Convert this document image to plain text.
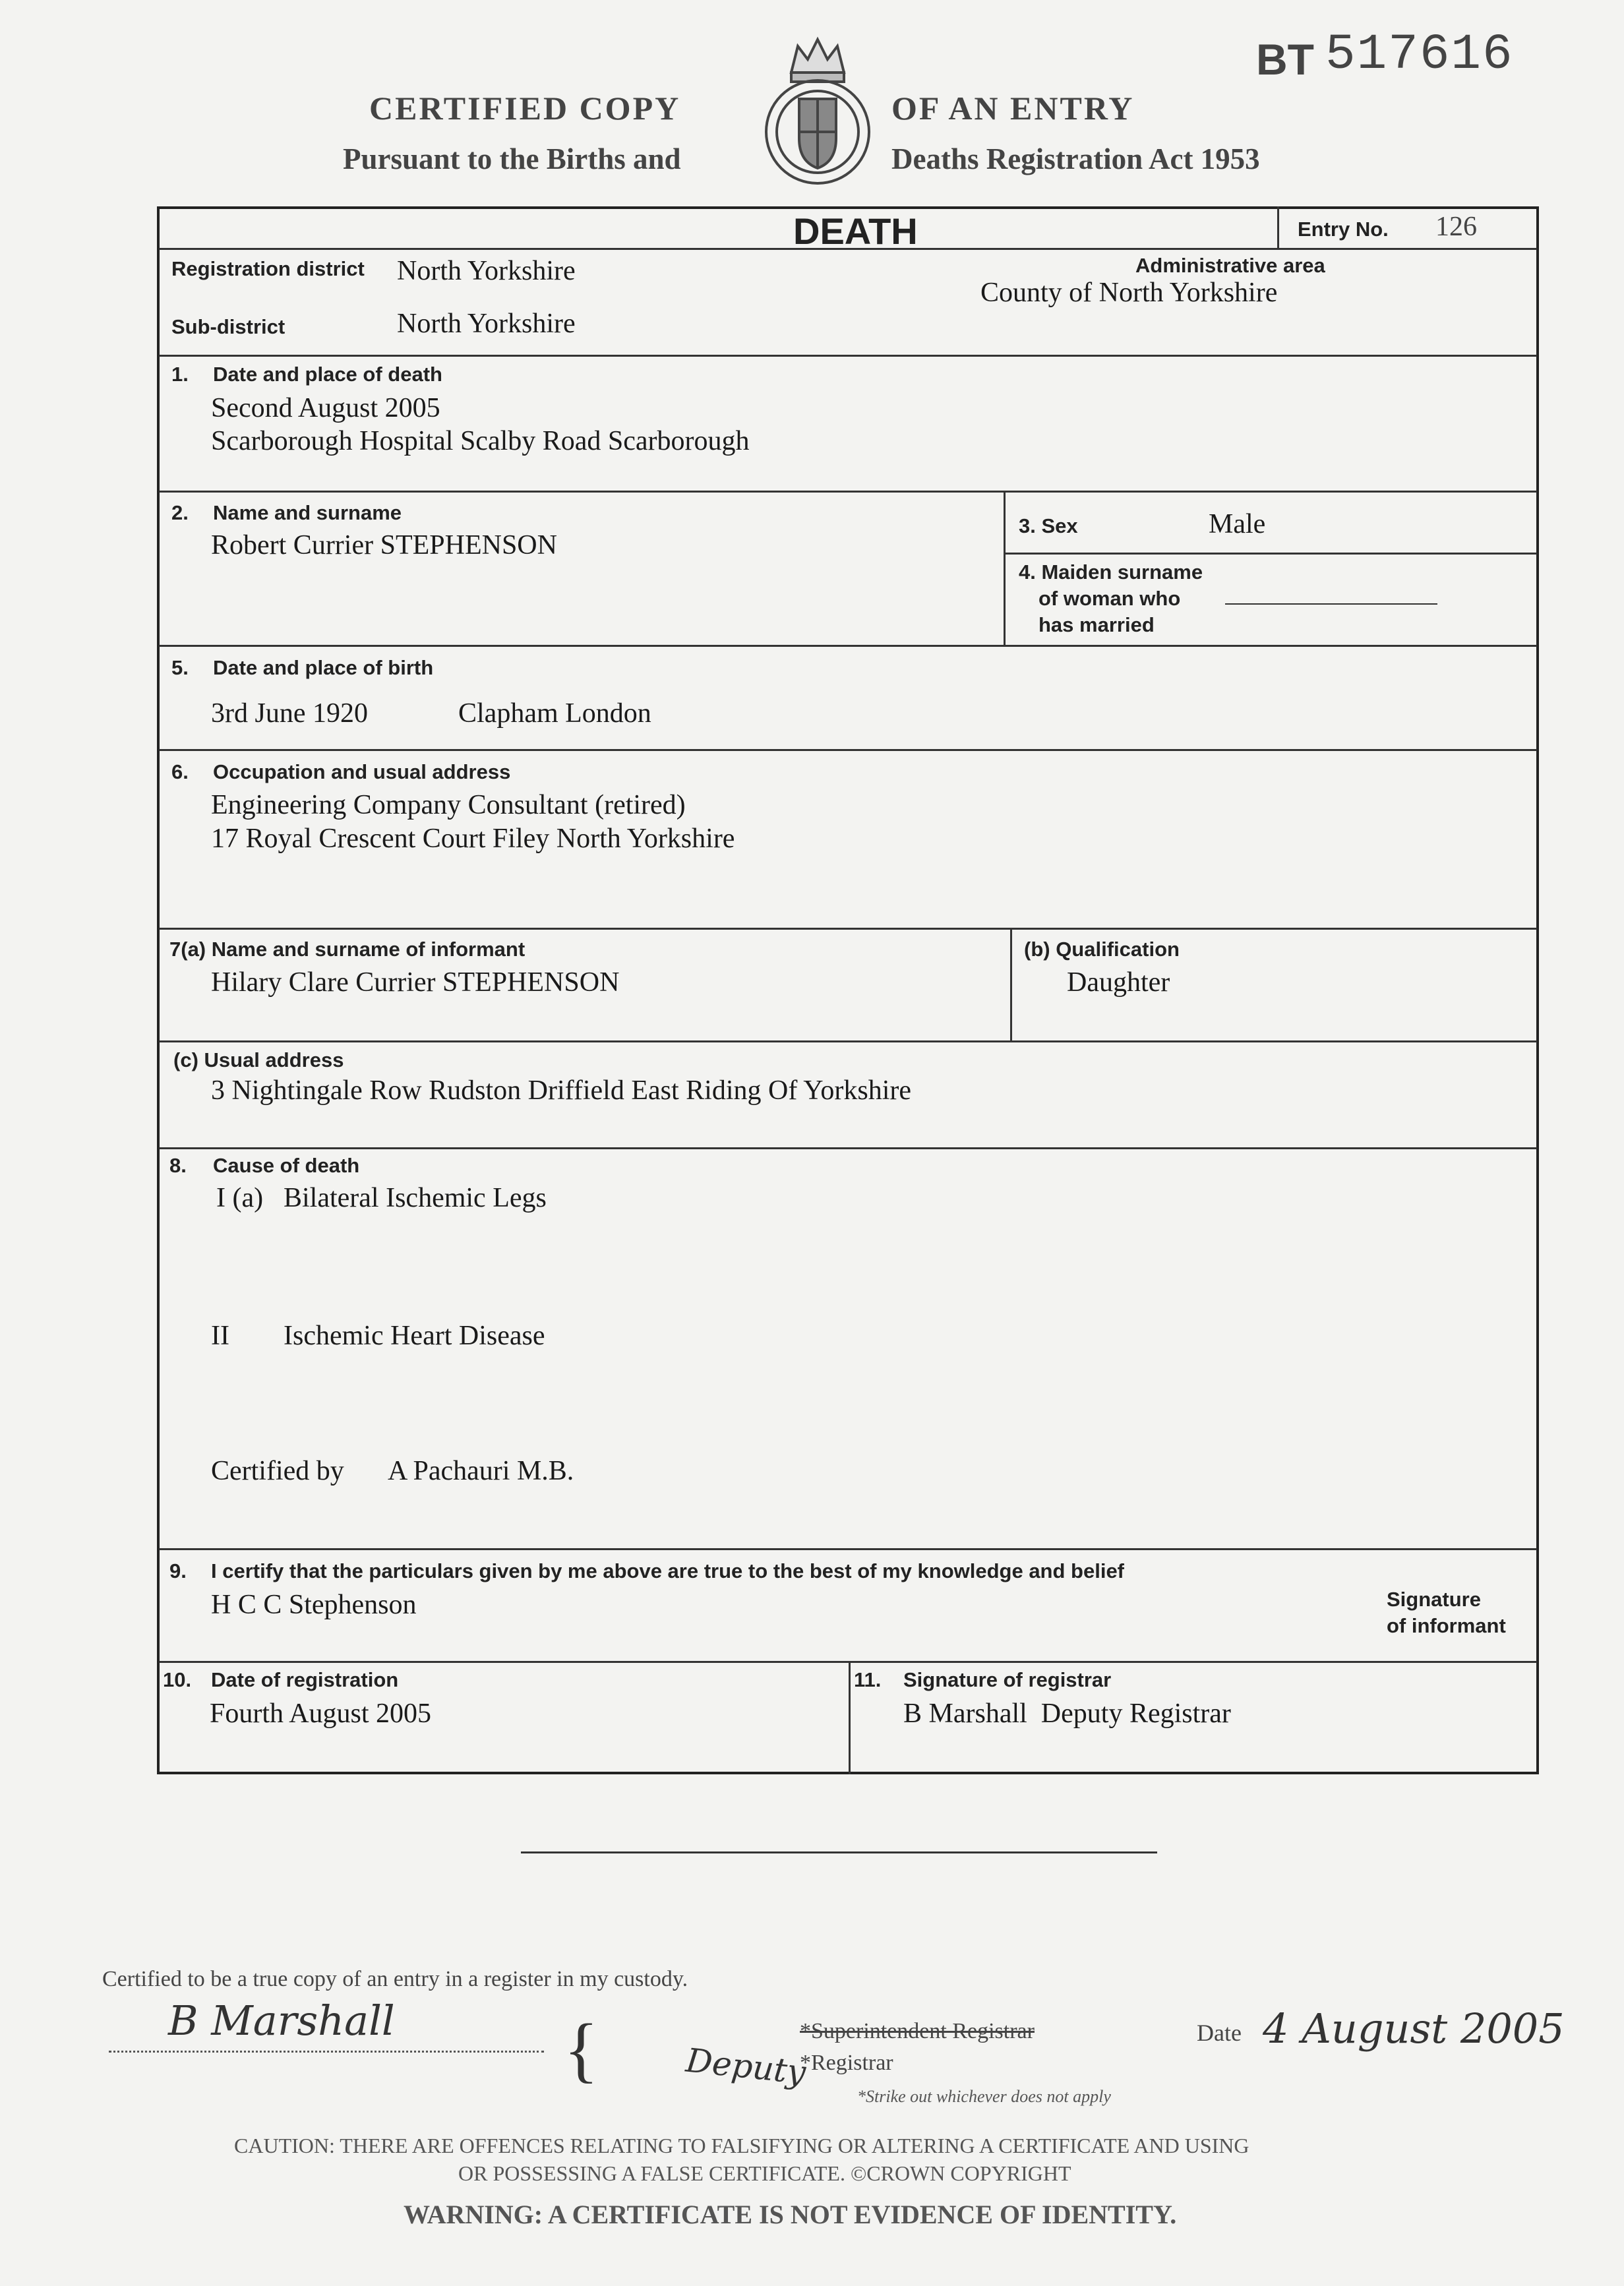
BT 517616
CERTIFIED COPY
Pursuant to the Births and
OF AN ENTRY
Deaths Registration Act 1953
DEATH	Entry No. 126
Registration district North Yorkshire
Sub-district	North Yorkshire
Administrative area
County of North Yorkshire
1. Date and place of death
Second August 2005
Scarborough Hospital Scalby Road Scarborough
2. Name and surname
Robert Currier STEPHENSON
3. Sex	Male
4. Maiden surname
of woman who
has married
5. Date and place of birth
3rd June 1920	Clapham London
6. Occupation and usual address
Engineering Company Consultant (retired)
17 Royal Crescent Court Filey North Yorkshire
7(a) Name and surname of informant
Hilary Clare Currier STEPHENSON
(b) Qualification
Daughter
(c) Usual address
3 Nightingale Row Rudston Driffield East Riding Of Yorkshire
8. Cause of death
I (a) Bilateral Ischemic Legs
II Ischemic Heart Disease
Certified by A Pachauri M.B.
9. I certify that the particulars given by me above are true to the best of my knowledge and belief
H C C Stephenson	Signature
of informant
10. Date of registration
Fourth August 2005
11. Signature of registrar
B Marshall  Deputy Registrar
Certified to be a true copy of an entry in a register in my custody.
B Marshall {	*Superintendent Registrar
*Registrar
Deputy
*Strike out whichever does not apply
Date 4 August 2005
CAUTION: THERE ARE OFFENCES RELATING TO FALSIFYING OR ALTERING A CERTIFICATE AND USING
OR POSSESSING A FALSE CERTIFICATE. ©CROWN COPYRIGHT
WARNING: A CERTIFICATE IS NOT EVIDENCE OF IDENTITY.
